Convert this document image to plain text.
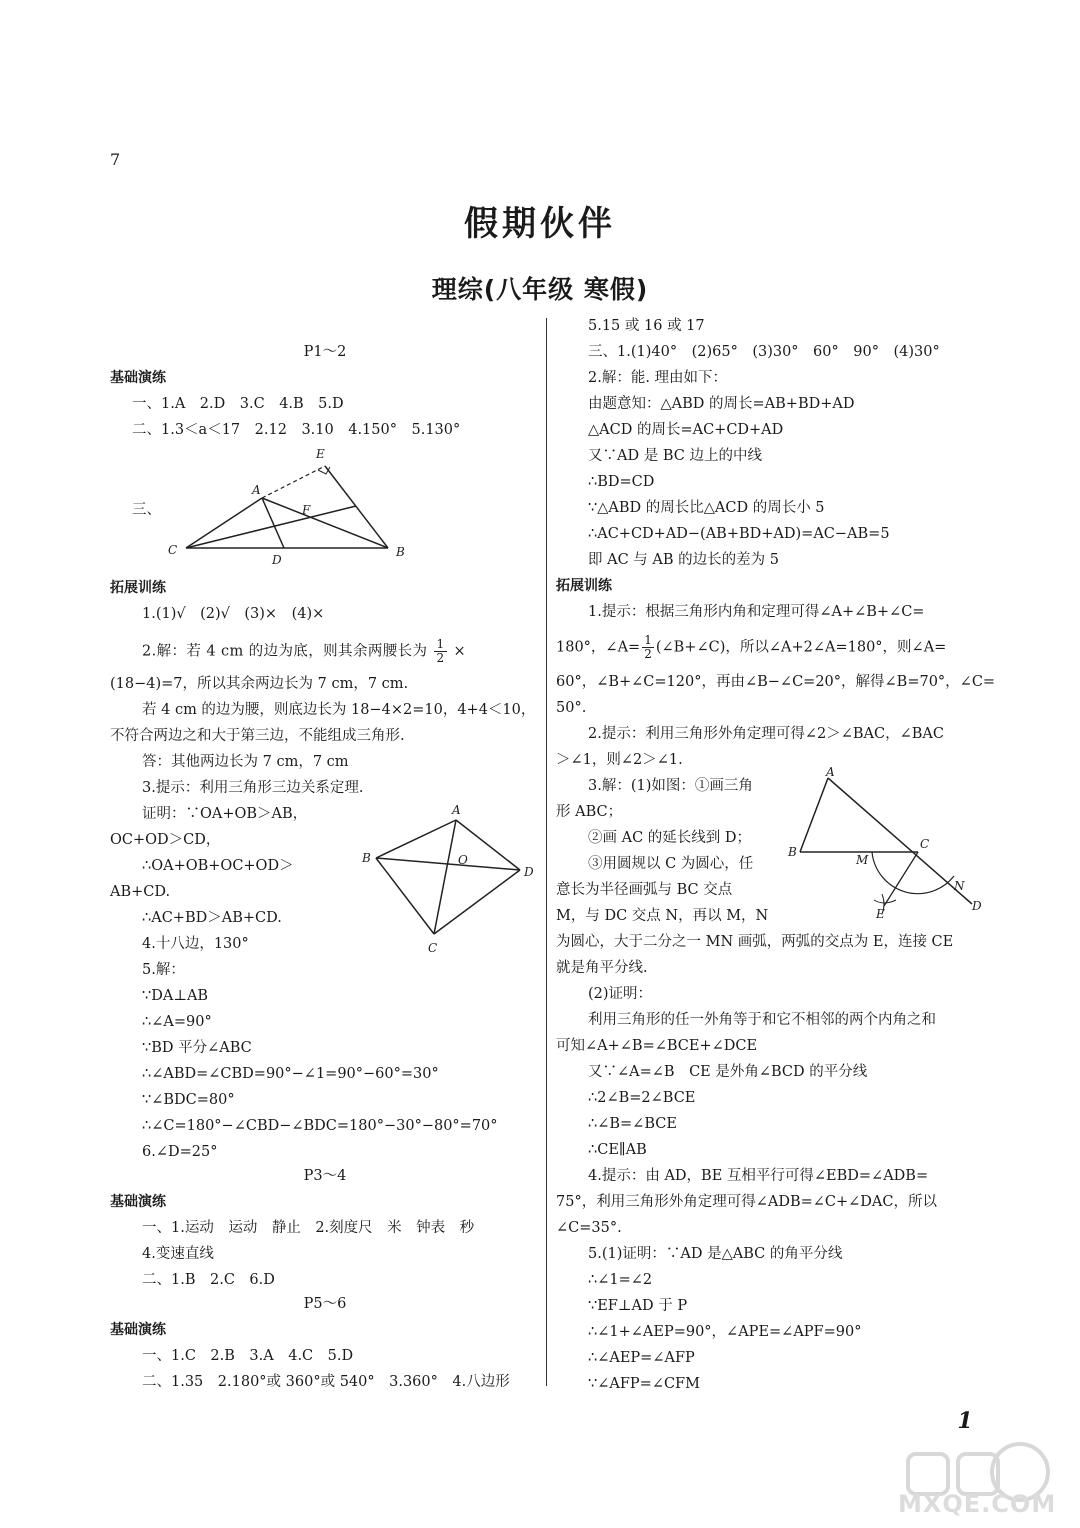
7
假期伙伴
理综(八年级 寒假)
P1～2
基础演练
一、1.A　2.D　3.C　4.B　5.D
二、1.3＜a＜17　2.12　3.10　4.150°　5.130°
三、
E
A
F
C
D
B
拓展训练
1.(1)√　(2)√　(3)×　(4)×
2.解：若 4 cm 的边为底，则其余两腰长为 $\frac{1}{2}$ ×
(18−4)=7，所以其余两边长为 7 cm，7 cm.
若 4 cm 的边为腰，则底边长为 18−4×2=10，4+4＜10，
不符合两边之和大于第三边，不能组成三角形.
答：其他两边长为 7 cm，7 cm
3.提示：利用三角形三边关系定理.
证明：∵OA+OB＞AB，
OC+OD＞CD，
∴OA+OB+OC+OD＞
AB+CD.
∴AC+BD＞AB+CD.
A
B	O
D
C
4.十八边，130°
5.解：
∵DA⊥AB
∴∠A=90°
∵BD 平分∠ABC
∴∠ABD=∠CBD=90°−∠1=90°−60°=30°
∵∠BDC=80°
∴∠C=180°−∠CBD−∠BDC=180°−30°−80°=70°
6.∠D=25°
P3～4
基础演练
一、1.运动　运动　静止　2.刻度尺　米　钟表　秒
4.变速直线
二、1.B　2.C　6.D
P5～6
基础演练
一、1.C　2.B　3.A　4.C　5.D
二、1.35　2.180°或 360°或 540°　3.360°　4.八边形
5.15 或 16 或 17
三、1.(1)40°　(2)65°　(3)30°　60°　90°　(4)30°
2.解：能. 理由如下：
由题意知：△ABD 的周长=AB+BD+AD
△ACD 的周长=AC+CD+AD
又∵AD 是 BC 边上的中线
∴BD=CD
∵△ABD 的周长比△ACD 的周长小 5
∴AC+CD+AD−(AB+BD+AD)=AC−AB=5
即 AC 与 AB 的边长的差为 5
拓展训练
1.提示：根据三角形内角和定理可得∠A+∠B+∠C=
180°，∠A= $\frac{1}{2}$ (∠B+∠C)，所以∠A+2∠A=180°，则∠A=
60°，∠B+∠C=120°，再由∠B−∠C=20°，解得∠B=70°，∠C=
50°.
2.提示：利用三角形外角定理可得∠2＞∠BAC，∠BAC
＞∠1，则∠2＞∠1.
3.解：(1)如图：①画三角
形 ABC；
②画 AC 的延长线到 D；
③用圆规以 C 为圆心，任
意长为半径画弧与 BC 交点
M，与 DC 交点 N，再以 M，N
A
B
M
C
N
E
D
为圆心，大于二分之一 MN 画弧，两弧的交点为 E，连接 CE
就是角平分线.
(2)证明：
利用三角形的任一外角等于和它不相邻的两个内角之和
可知∠A+∠B=∠BCE+∠DCE
又∵∠A=∠B　CE 是外角∠BCD 的平分线
∴2∠B=2∠BCE
∴∠B=∠BCE
∴CE∥AB
4.提示：由 AD，BE 互相平行可得∠EBD=∠ADB=
75°，利用三角形外角定理可得∠ADB=∠C+∠DAC，所以
∠C=35°.
5.(1)证明：∵AD 是△ABC 的角平分线
∴∠1=∠2
∵EF⊥AD 于 P
∴∠1+∠AEP=90°，∠APE=∠APF=90°
∴∠AEP=∠AFP
∵∠AFP=∠CFM
1
MXQE.COM
